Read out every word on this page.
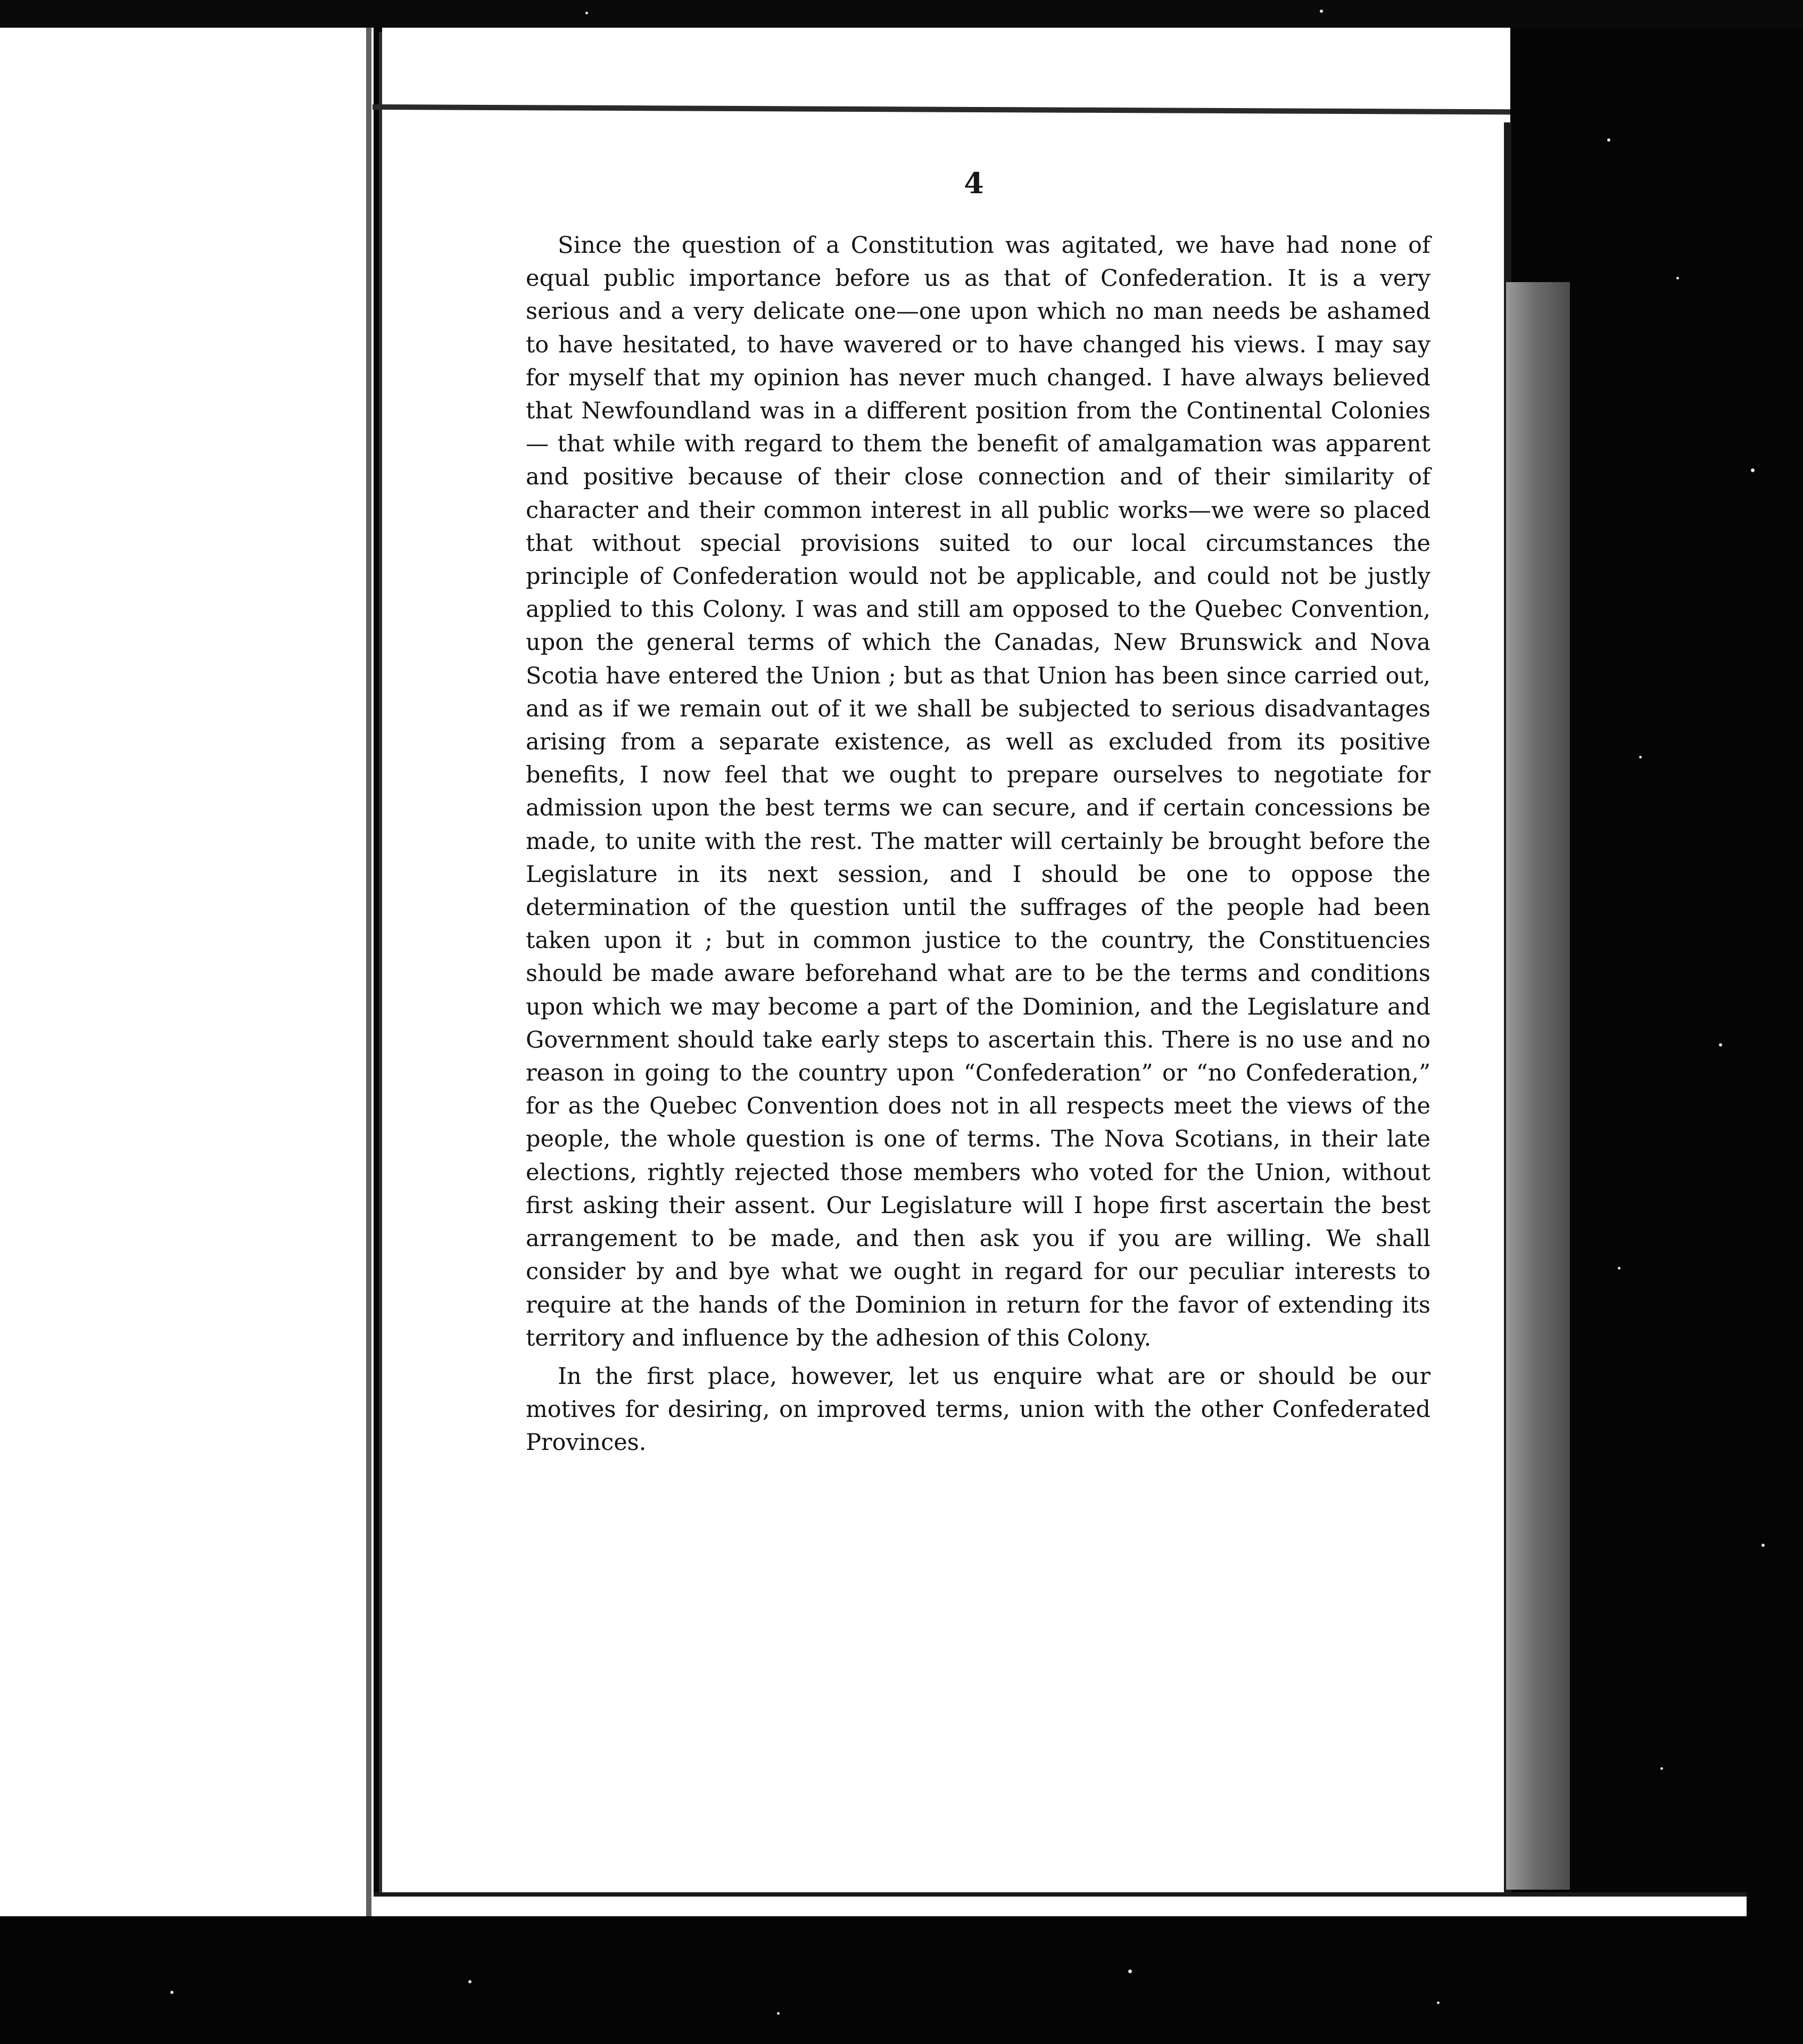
4

Since the question of a Constitution was agitated, we have had none of equal public importance before us as that of Confederation. It is a very serious and a very delicate one—one upon which no man needs be ashamed to have hesitated, to have wavered or to have changed his views. I may say for myself that my opinion has never much changed. I have always believed that Newfoundland was in a different position from the Continental Colonies — that while with regard to them the benefit of amalgamation was apparent and positive because of their close connection and of their similarity of character and their common interest in all public works—we were so placed that without special provisions suited to our local circumstances the principle of Confederation would not be applicable, and could not be justly applied to this Colony. I was and still am opposed to the Quebec Convention, upon the general terms of which the Canadas, New Brunswick and Nova Scotia have entered the Union ; but as that Union has been since carried out, and as if we remain out of it we shall be subjected to serious disadvantages arising from a separate existence, as well as excluded from its positive benefits, I now feel that we ought to prepare ourselves to negotiate for admission upon the best terms we can secure, and if certain concessions be made, to unite with the rest. The matter will certainly be brought before the Legislature in its next session, and I should be one to oppose the determination of the question until the suffrages of the people had been taken upon it ; but in common justice to the country, the Constituencies should be made aware beforehand what are to be the terms and conditions upon which we may become a part of the Dominion, and the Legislature and Government should take early steps to ascertain this. There is no use and no reason in going to the country upon “Confederation” or “no Confederation,” for as the Quebec Convention does not in all respects meet the views of the people, the whole question is one of terms. The Nova Scotians, in their late elections, rightly rejected those members who voted for the Union, without first asking their assent. Our Legislature will I hope first ascertain the best arrangement to be made, and then ask you if you are willing. We shall consider by and bye what we ought in regard for our peculiar interests to require at the hands of the Dominion in return for the favor of extending its territory and influence by the adhesion of this Colony.

In the first place, however, let us enquire what are or should be our motives for desiring, on improved terms, union with the other Confederated Provinces.
